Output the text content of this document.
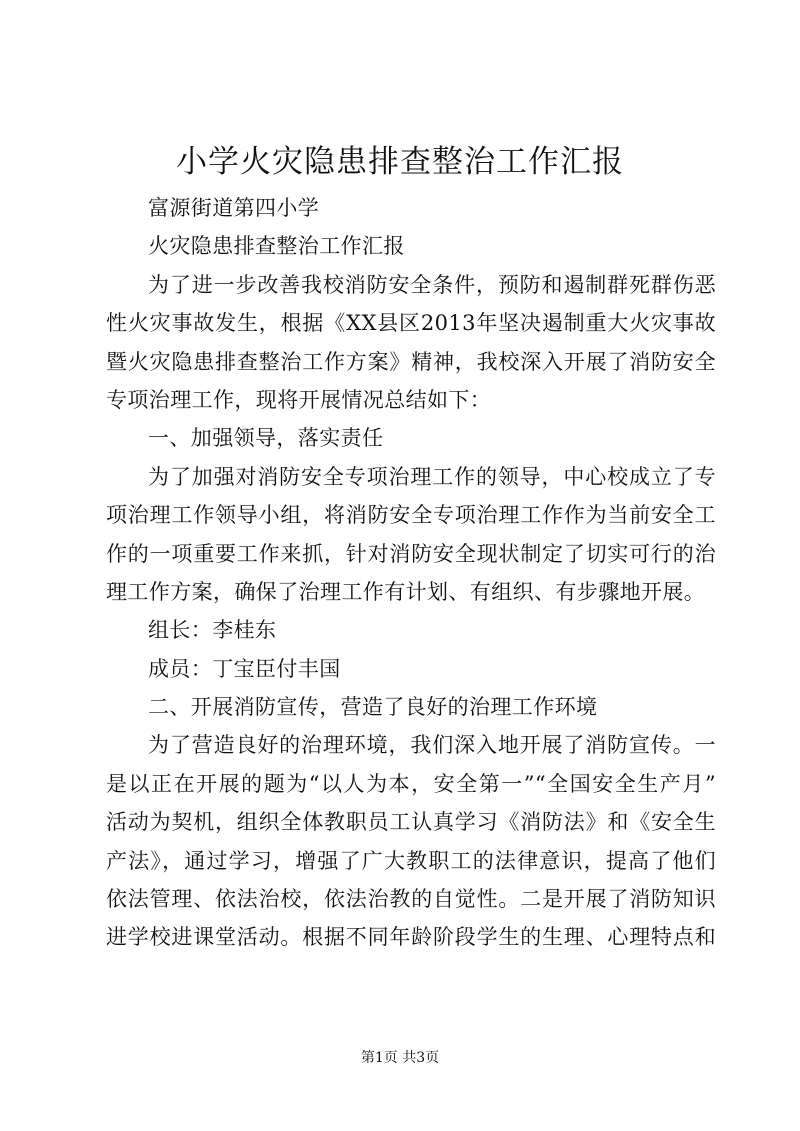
小学火灾隐患排查整治工作汇报
富源街道第四小学
火灾隐患排查整治工作汇报
为了进一步改善我校消防安全条件，预防和遏制群死群伤恶
性火灾事故发生，根据《XX县区2013年坚决遏制重大火灾事故
暨火灾隐患排查整治工作方案》精神，我校深入开展了消防安全
专项治理工作，现将开展情况总结如下：
一、加强领导，落实责任
为了加强对消防安全专项治理工作的领导，中心校成立了专
项治理工作领导小组，将消防安全专项治理工作作为当前安全工
作的一项重要工作来抓，针对消防安全现状制定了切实可行的治
理工作方案，确保了治理工作有计划、有组织、有步骤地开展。
组长：李桂东
成员：丁宝臣付丰国
二、开展消防宣传，营造了良好的治理工作环境
为了营造良好的治理环境，我们深入地开展了消防宣传。一
是以正在开展的题为“以人为本，安全第一”“全国安全生产月”
活动为契机，组织全体教职员工认真学习《消防法》和《安全生
产法》，通过学习，增强了广大教职工的法律意识，提高了他们
依法管理、依法治校，依法治教的自觉性。二是开展了消防知识
进学校进课堂活动。根据不同年龄阶段学生的生理、心理特点和
第1页 共3页
